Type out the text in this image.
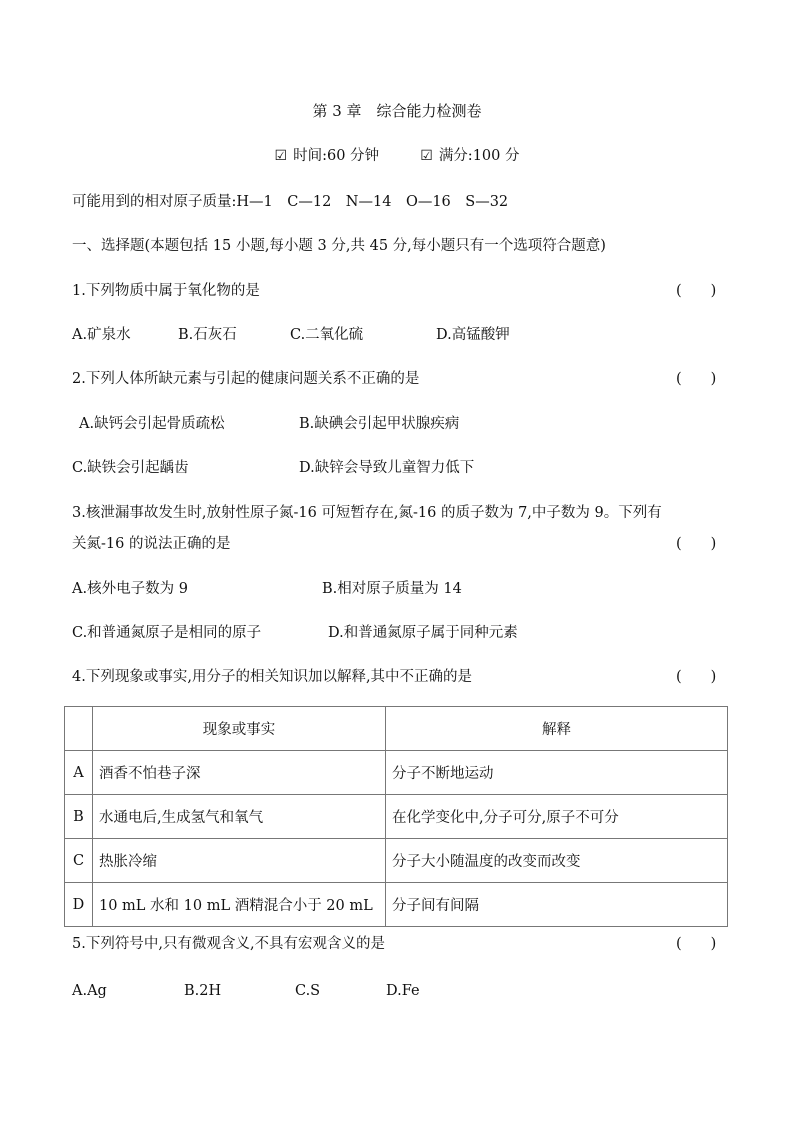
第 3 章　综合能力检测卷
☑ 时间:60 分钟	☑ 满分:100 分
可能用到的相对原子质量:H—1　C—12　N—14　O—16　S—32
一、选择题(本题包括 15 小题,每小题 3 分,共 45 分,每小题只有一个选项符合题意)
1.下列物质中属于氧化物的是	(　　)
A.矿泉水	B.石灰石	C.二氧化硫	D.高锰酸钾
2.下列人体所缺元素与引起的健康问题关系不正确的是	(　　)
A.缺钙会引起骨质疏松	B.缺碘会引起甲状腺疾病
C.缺铁会引起龋齿	D.缺锌会导致儿童智力低下
3.核泄漏事故发生时,放射性原子氮-16 可短暂存在,氮-16 的质子数为 7,中子数为 9。下列有
关氮-16 的说法正确的是	(　　)
A.核外电子数为 9	B.相对原子质量为 14
C.和普通氮原子是相同的原子	D.和普通氮原子属于同种元素
4.下列现象或事实,用分子的相关知识加以解释,其中不正确的是	(　　)
	现象或事实	解释
A	酒香不怕巷子深	分子不断地运动
B	水通电后,生成氢气和氧气	在化学变化中,分子可分,原子不可分
C	热胀冷缩	分子大小随温度的改变而改变
D	10 mL 水和 10 mL 酒精混合小于 20 mL	分子间有间隔
5.下列符号中,只有微观含义,不具有宏观含义的是	(　　)
A.Ag	B.2H	C.S	D.Fe
